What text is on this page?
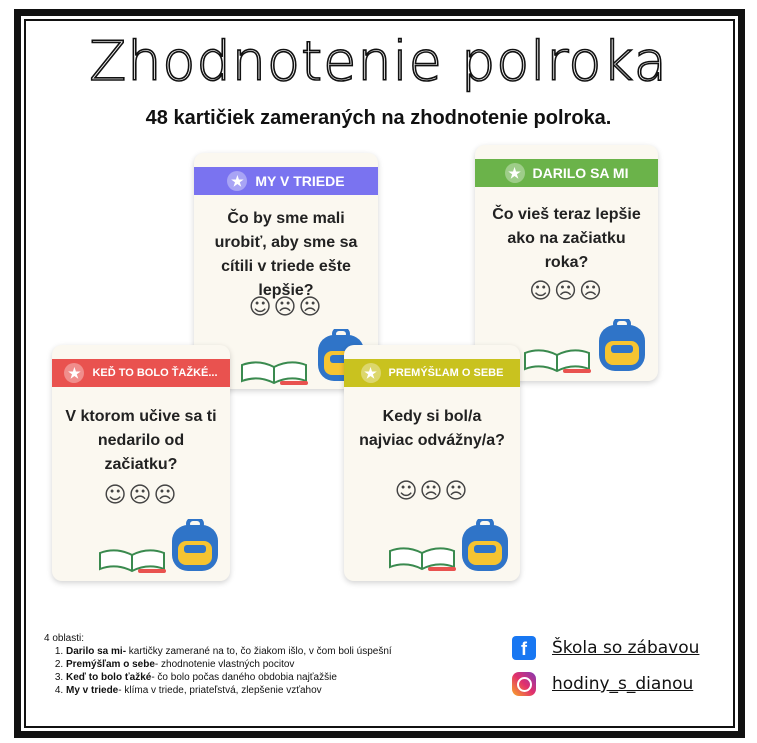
Zhodnotenie polroka
48 kartičiek zameraných na zhodnotenie polroka.
★ MY V TRIEDE
Čo by sme mali urobiť, aby sme sa cítili v triede ešte lepšie?
☺☹☹
★ DARILO SA MI
Čo vieš teraz lepšie ako na začiatku roka?
☺☹☹
★	KEĎ TO BOLO ŤAŽKÉ...
V ktorom učive sa ti nedarilo od začiatku?
☺☹☹
★	PREMÝŠĽAM O SEBE
Kedy si bol/a najviac odvážny/a?
☺☹☹
4 oblasti:
1. Darilo sa mi- kartičky zamerané na to, čo žiakom išlo, v čom boli úspešní
2. Premýšľam o sebe- zhodnotenie vlastných pocitov
3. Keď to bolo ťažké- čo bolo počas daného obdobia najťažšie
4. My v triede- klíma v triede, priateľstvá, zlepšenie vzťahov
f	Škola so zábavou
hodiny_s_dianou
